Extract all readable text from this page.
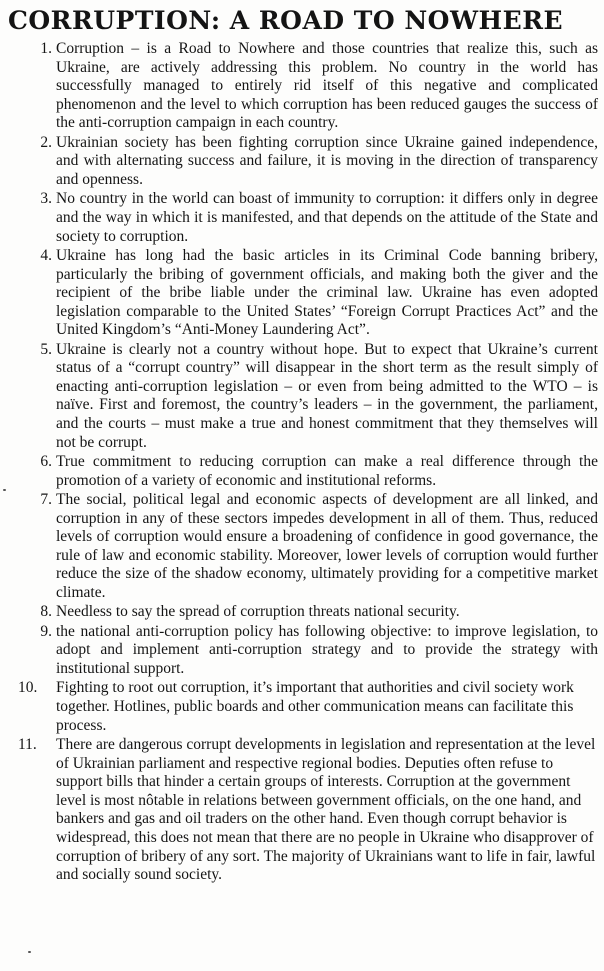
CORRUPTION: A ROAD TO NOWHERE
1. Corruption – is a Road to Nowhere and those countries that realize this, such as Ukraine, are actively addressing this problem. No country in the world has successfully managed to entirely rid itself of this negative and complicated phenomenon and the level to which corruption has been reduced gauges the success of the anti-corruption campaign in each country.
2. Ukrainian society has been fighting corruption since Ukraine gained independence, and with alternating success and failure, it is moving in the direction of transparency and openness.
3. No country in the world can boast of immunity to corruption: it differs only in degree and the way in which it is manifested, and that depends on the attitude of the State and society to corruption.
4. Ukraine has long had the basic articles in its Criminal Code banning bribery, particularly the bribing of government officials, and making both the giver and the recipient of the bribe liable under the criminal law. Ukraine has even adopted legislation comparable to the United States’ “Foreign Corrupt Practices Act” and the United Kingdom’s “Anti-Money Laundering Act”.
5. Ukraine is clearly not a country without hope. But to expect that Ukraine’s current status of a “corrupt country” will disappear in the short term as the result simply of enacting anti-corruption legislation – or even from being admitted to the WTO – is naïve. First and foremost, the country’s leaders – in the government, the parliament, and the courts – must make a true and honest commitment that they themselves will not be corrupt.
6. True commitment to reducing corruption can make a real difference through the promotion of a variety of economic and institutional reforms.
7. The social, political legal and economic aspects of development are all linked, and corruption in any of these sectors impedes development in all of them. Thus, reduced levels of corruption would ensure a broadening of confidence in good governance, the rule of law and economic stability. Moreover, lower levels of corruption would further reduce the size of the shadow economy, ultimately providing for a competitive market climate.
8. Needless to say the spread of corruption threats national security.
9. the national anti-corruption policy has following objective: to improve legislation, to adopt and implement anti-corruption strategy and to provide the strategy with institutional support.
10.	Fighting to root out corruption, it’s important that authorities and civil society work together. Hotlines, public boards and other communication means can facilitate this process.
11.	There are dangerous corrupt developments in legislation and representation at the level of Ukrainian parliament and respective regional bodies. Deputies often refuse to support bills that hinder a certain groups of interests. Corruption at the government level is most nôtable in relations between government officials, on the one hand, and bankers and gas and oil traders on the other hand. Even though corrupt behavior is widespread, this does not mean that there are no people in Ukraine who disapprover of corruption of bribery of any sort. The majority of Ukrainians want to life in fair, lawful and socially sound society.
